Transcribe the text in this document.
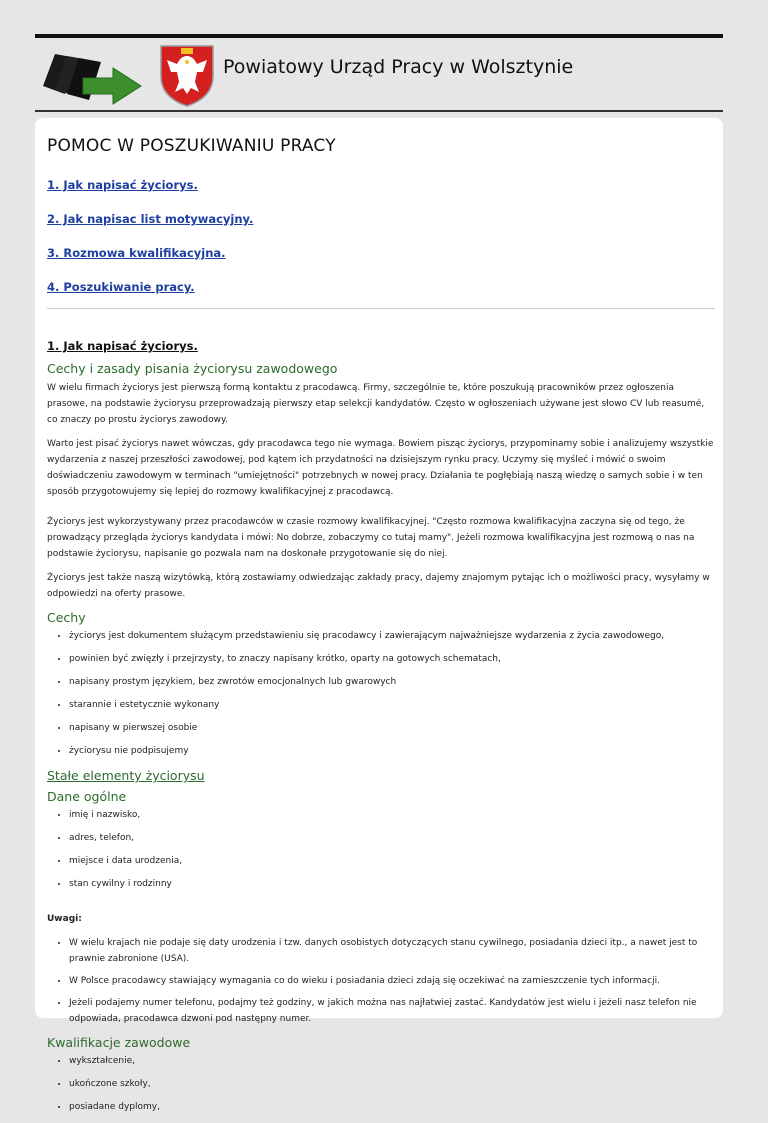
Powiatowy Urząd Pracy w Wolsztynie
POMOC W POSZUKIWANIU PRACY
1. Jak napisać życiorys.
2. Jak napisac list motywacyjny.
3. Rozmowa kwalifikacyjna.
4. Poszukiwanie pracy.
1. Jak napisać życiorys.
Cechy i zasady pisania życiorysu zawodowego

W wielu firmach życiorys jest pierwszą formą kontaktu z pracodawcą. Firmy, szczególnie te, które poszukują pracowników przez ogłoszenia prasowe, na podstawie życiorysu przeprowadzają pierwszy etap selekcji kandydatów. Często w ogłoszeniach używane jest słowo CV lub reasumé, co znaczy po prostu życiorys zawodowy.

Warto jest pisać życiorys nawet wówczas, gdy pracodawca tego nie wymaga. Bowiem pisząc życiorys, przypominamy sobie i analizujemy wszystkie wydarzenia z naszej przeszłości zawodowej, pod kątem ich przydatności na dzisiejszym rynku pracy. Uczymy się myśleć i mówić o swoim doświadczeniu zawodowym w terminach "umiejętności" potrzebnych w nowej pracy. Działania te pogłębiają naszą wiedzę o samych sobie i w ten sposób przygotowujemy się lepiej do rozmowy kwalifikacyjnej z pracodawcą.

Życiorys jest wykorzystywany przez pracodawców w czasie rozmowy kwalifikacyjnej. "Często rozmowa kwalifikacyjna zaczyna się od tego, że prowadzący przegląda życiorys kandydata i mówi: No dobrze, zobaczymy co tutaj mamy". Jeżeli rozmowa kwalifikacyjna jest rozmową o nas na podstawie życiorysu, napisanie go pozwala nam na doskonałe przygotowanie się do niej.

Życiorys jest także naszą wizytówką, którą zostawiamy odwiedzając zakłady pracy, dajemy znajomym pytając ich o możliwości pracy, wysyłamy w odpowiedzi na oferty prasowe.

Cechy
• życiorys jest dokumentem służącym przedstawieniu się pracodawcy i zawierającym najważniejsze wydarzenia z życia zawodowego,
• powinien być zwięzły i przejrzysty, to znaczy napisany krótko, oparty na gotowych schematach,
• napisany prostym językiem, bez zwrotów emocjonalnych lub gwarowych
• starannie i estetycznie wykonany
• napisany w pierwszej osobie
• życiorysu nie podpisujemy
Stałe elementy życiorysu
Dane ogólne
• imię i nazwisko,
• adres, telefon,
• miejsce i data urodzenia,
• stan cywilny i rodzinny

Uwagi:

• W wielu krajach nie podaje się daty urodzenia i tzw. danych osobistych dotyczących stanu cywilnego, posiadania dzieci itp., a nawet jest to prawnie zabronione (USA).
• W Polsce pracodawcy stawiający wymagania co do wieku i posiadania dzieci zdają się oczekiwać na zamieszczenie tych informacji.
• Jeżeli podajemy numer telefonu, podajmy też godziny, w jakich można nas najłatwiej zastać. Kandydatów jest wielu i jeżeli nasz telefon nie odpowiada, pracodawca dzwoni pod następny numer.
Kwalifikacje zawodowe
• wykształcenie,
• ukończone szkoły,
• posiadane dyplomy,
